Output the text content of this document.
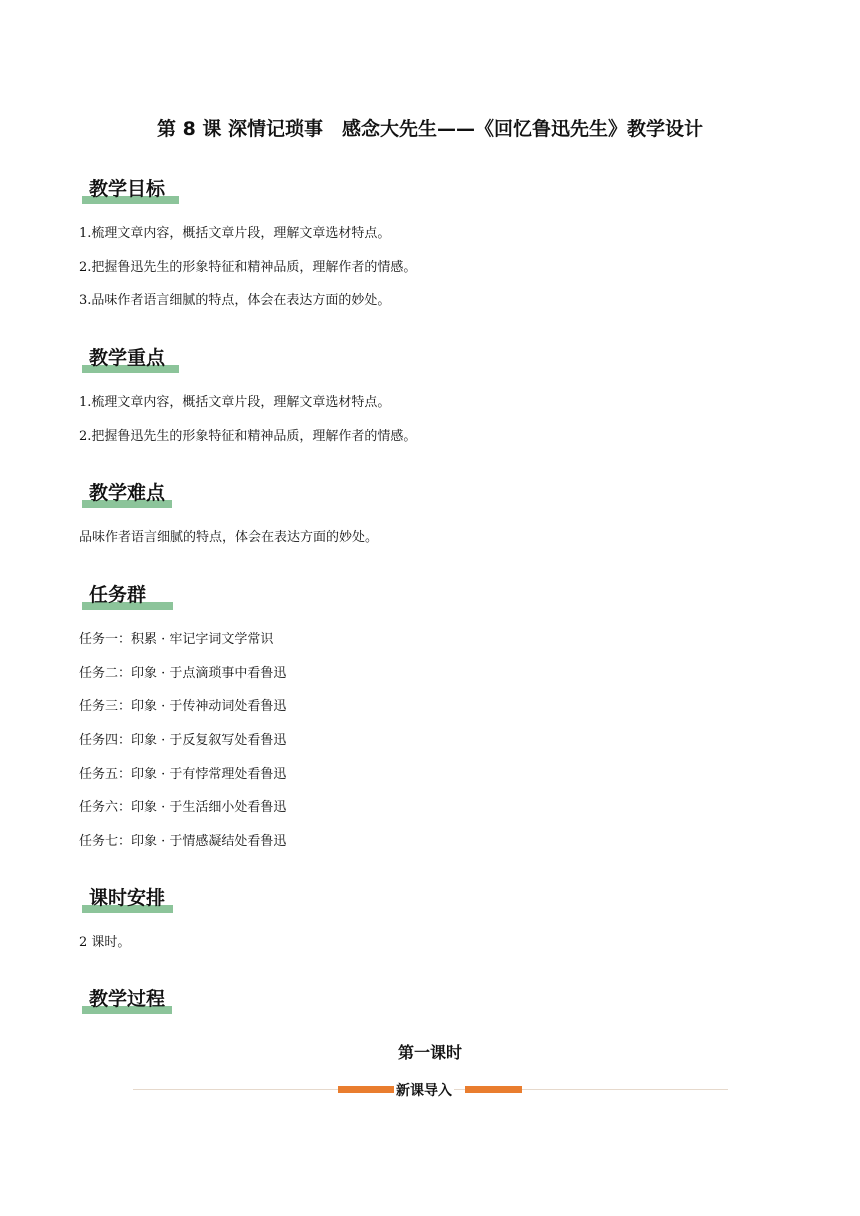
第 8 课 深情记琐事　感念大先生——《回忆鲁迅先生》教学设计
教学目标
1.梳理文章内容，概括文章片段，理解文章选材特点。
2.把握鲁迅先生的形象特征和精神品质，理解作者的情感。
3.品味作者语言细腻的特点，体会在表达方面的妙处。
教学重点
1.梳理文章内容，概括文章片段，理解文章选材特点。
2.把握鲁迅先生的形象特征和精神品质，理解作者的情感。
教学难点
品味作者语言细腻的特点，体会在表达方面的妙处。
任务群
任务一：积累 · 牢记字词文学常识
任务二：印象 · 于点滴琐事中看鲁迅
任务三：印象 · 于传神动词处看鲁迅
任务四：印象 · 于反复叙写处看鲁迅
任务五：印象 · 于有悖常理处看鲁迅
任务六：印象 · 于生活细小处看鲁迅
任务七：印象 · 于情感凝结处看鲁迅
课时安排
2 课时。
教学过程
第一课时
新课导入
